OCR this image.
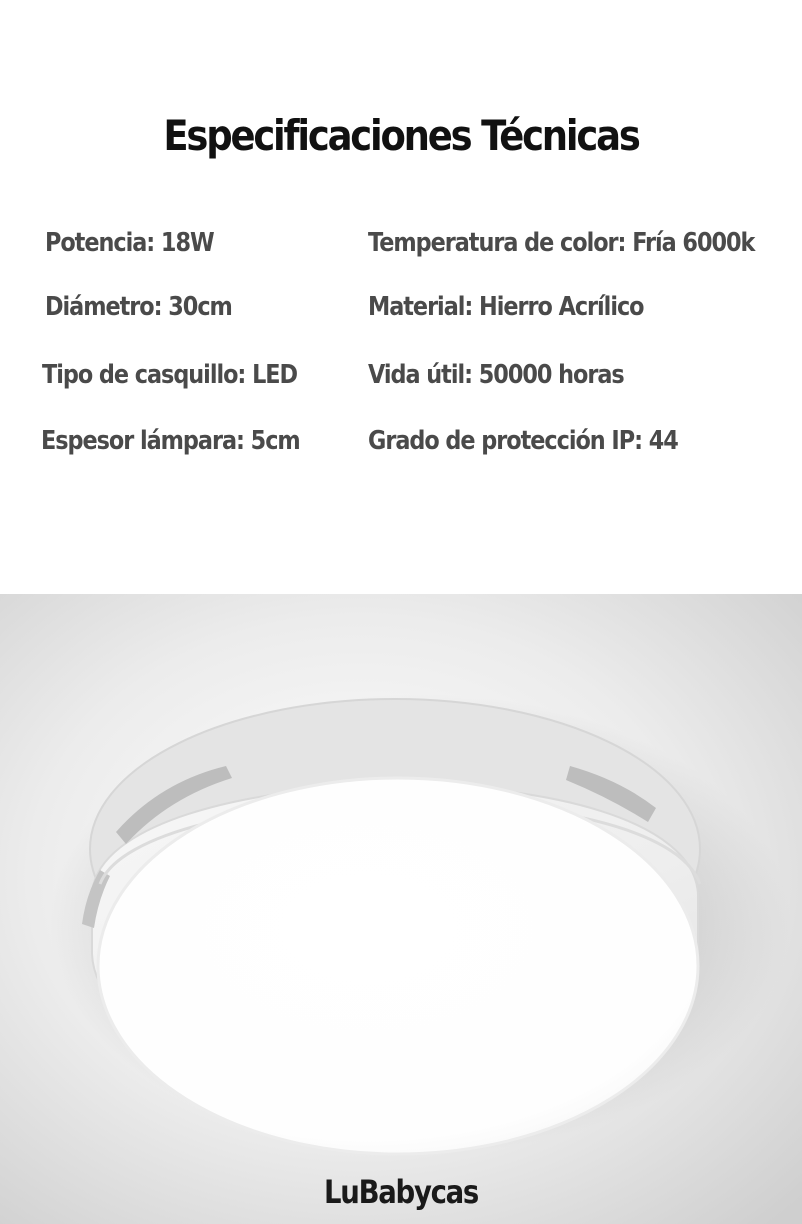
Especificaciones Técnicas
Potencia: 18W
Diámetro: 30cm
Tipo de casquillo: LED
Espesor lámpara: 5cm
Temperatura de color: Fría 6000k
Material: Hierro Acrílico
Vida útil: 50000 horas
Grado de protección IP: 44
LuBabycas
